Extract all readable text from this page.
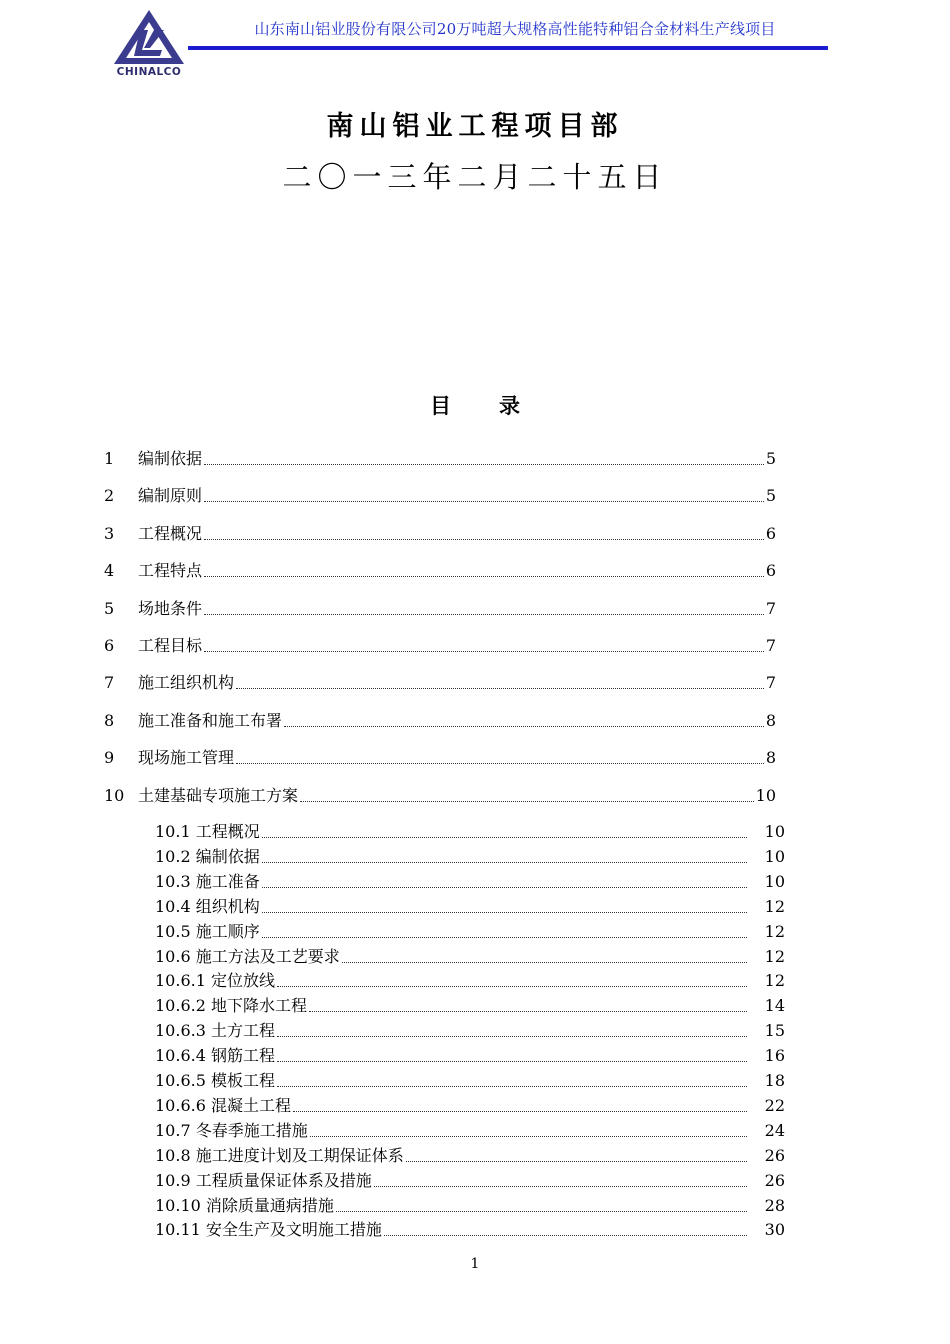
CHINALCO
山东南山铝业股份有限公司20万吨超大规格高性能特种铝合金材料生产线项目
南山铝业工程项目部
二〇一三年二月二十五日
目 录
1	编制依据	5
2	编制原则	5
3	工程概况	6
4	工程特点	6
5	场地条件	7
6	工程目标	7
7	施工组织机构	7
8	施工准备和施工布署	8
9	现场施工管理	8
10 土建基础专项施工方案	10
10.1 工程概况	10
10.2 编制依据	10
10.3 施工准备	10
10.4 组织机构	12
10.5 施工顺序	12
10.6 施工方法及工艺要求	12
10.6.1 定位放线	12
10.6.2 地下降水工程	14
10.6.3 土方工程	15
10.6.4 钢筋工程	16
10.6.5 模板工程	18
10.6.6 混凝土工程	22
10.7 冬春季施工措施	24
10.8 施工进度计划及工期保证体系	26
10.9 工程质量保证体系及措施	26
10.10 消除质量通病措施	28
10.11 安全生产及文明施工措施	30
1
